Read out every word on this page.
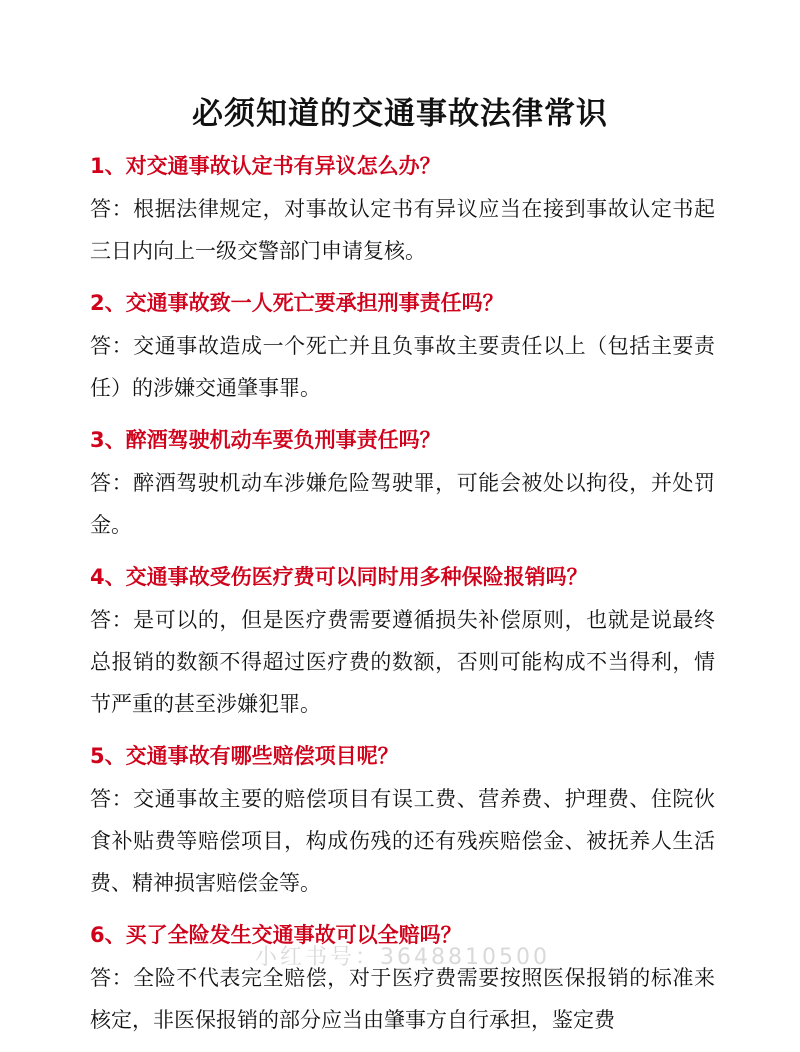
必须知道的交通事故法律常识
1、对交通事故认定书有异议怎么办？
答：根据法律规定，对事故认定书有异议应当在接到事故认定书起三日内向上一级交警部门申请复核。
2、交通事故致一人死亡要承担刑事责任吗？
答：交通事故造成一个死亡并且负事故主要责任以上（包括主要责任）的涉嫌交通肇事罪。
3、醉酒驾驶机动车要负刑事责任吗？
答：醉酒驾驶机动车涉嫌危险驾驶罪，可能会被处以拘役，并处罚金。
4、交通事故受伤医疗费可以同时用多种保险报销吗？
答：是可以的，但是医疗费需要遵循损失补偿原则，也就是说最终总报销的数额不得超过医疗费的数额，否则可能构成不当得利，情节严重的甚至涉嫌犯罪。
5、交通事故有哪些赔偿项目呢？
答：交通事故主要的赔偿项目有误工费、营养费、护理费、住院伙食补贴费等赔偿项目，构成伤残的还有残疾赔偿金、被抚养人生活费、精神损害赔偿金等。
6、买了全险发生交通事故可以全赔吗？
答：全险不代表完全赔偿，对于医疗费需要按照医保报销的标准来核定，非医保报销的部分应当由肇事方自行承担，鉴定费
小红书号：3648810500
